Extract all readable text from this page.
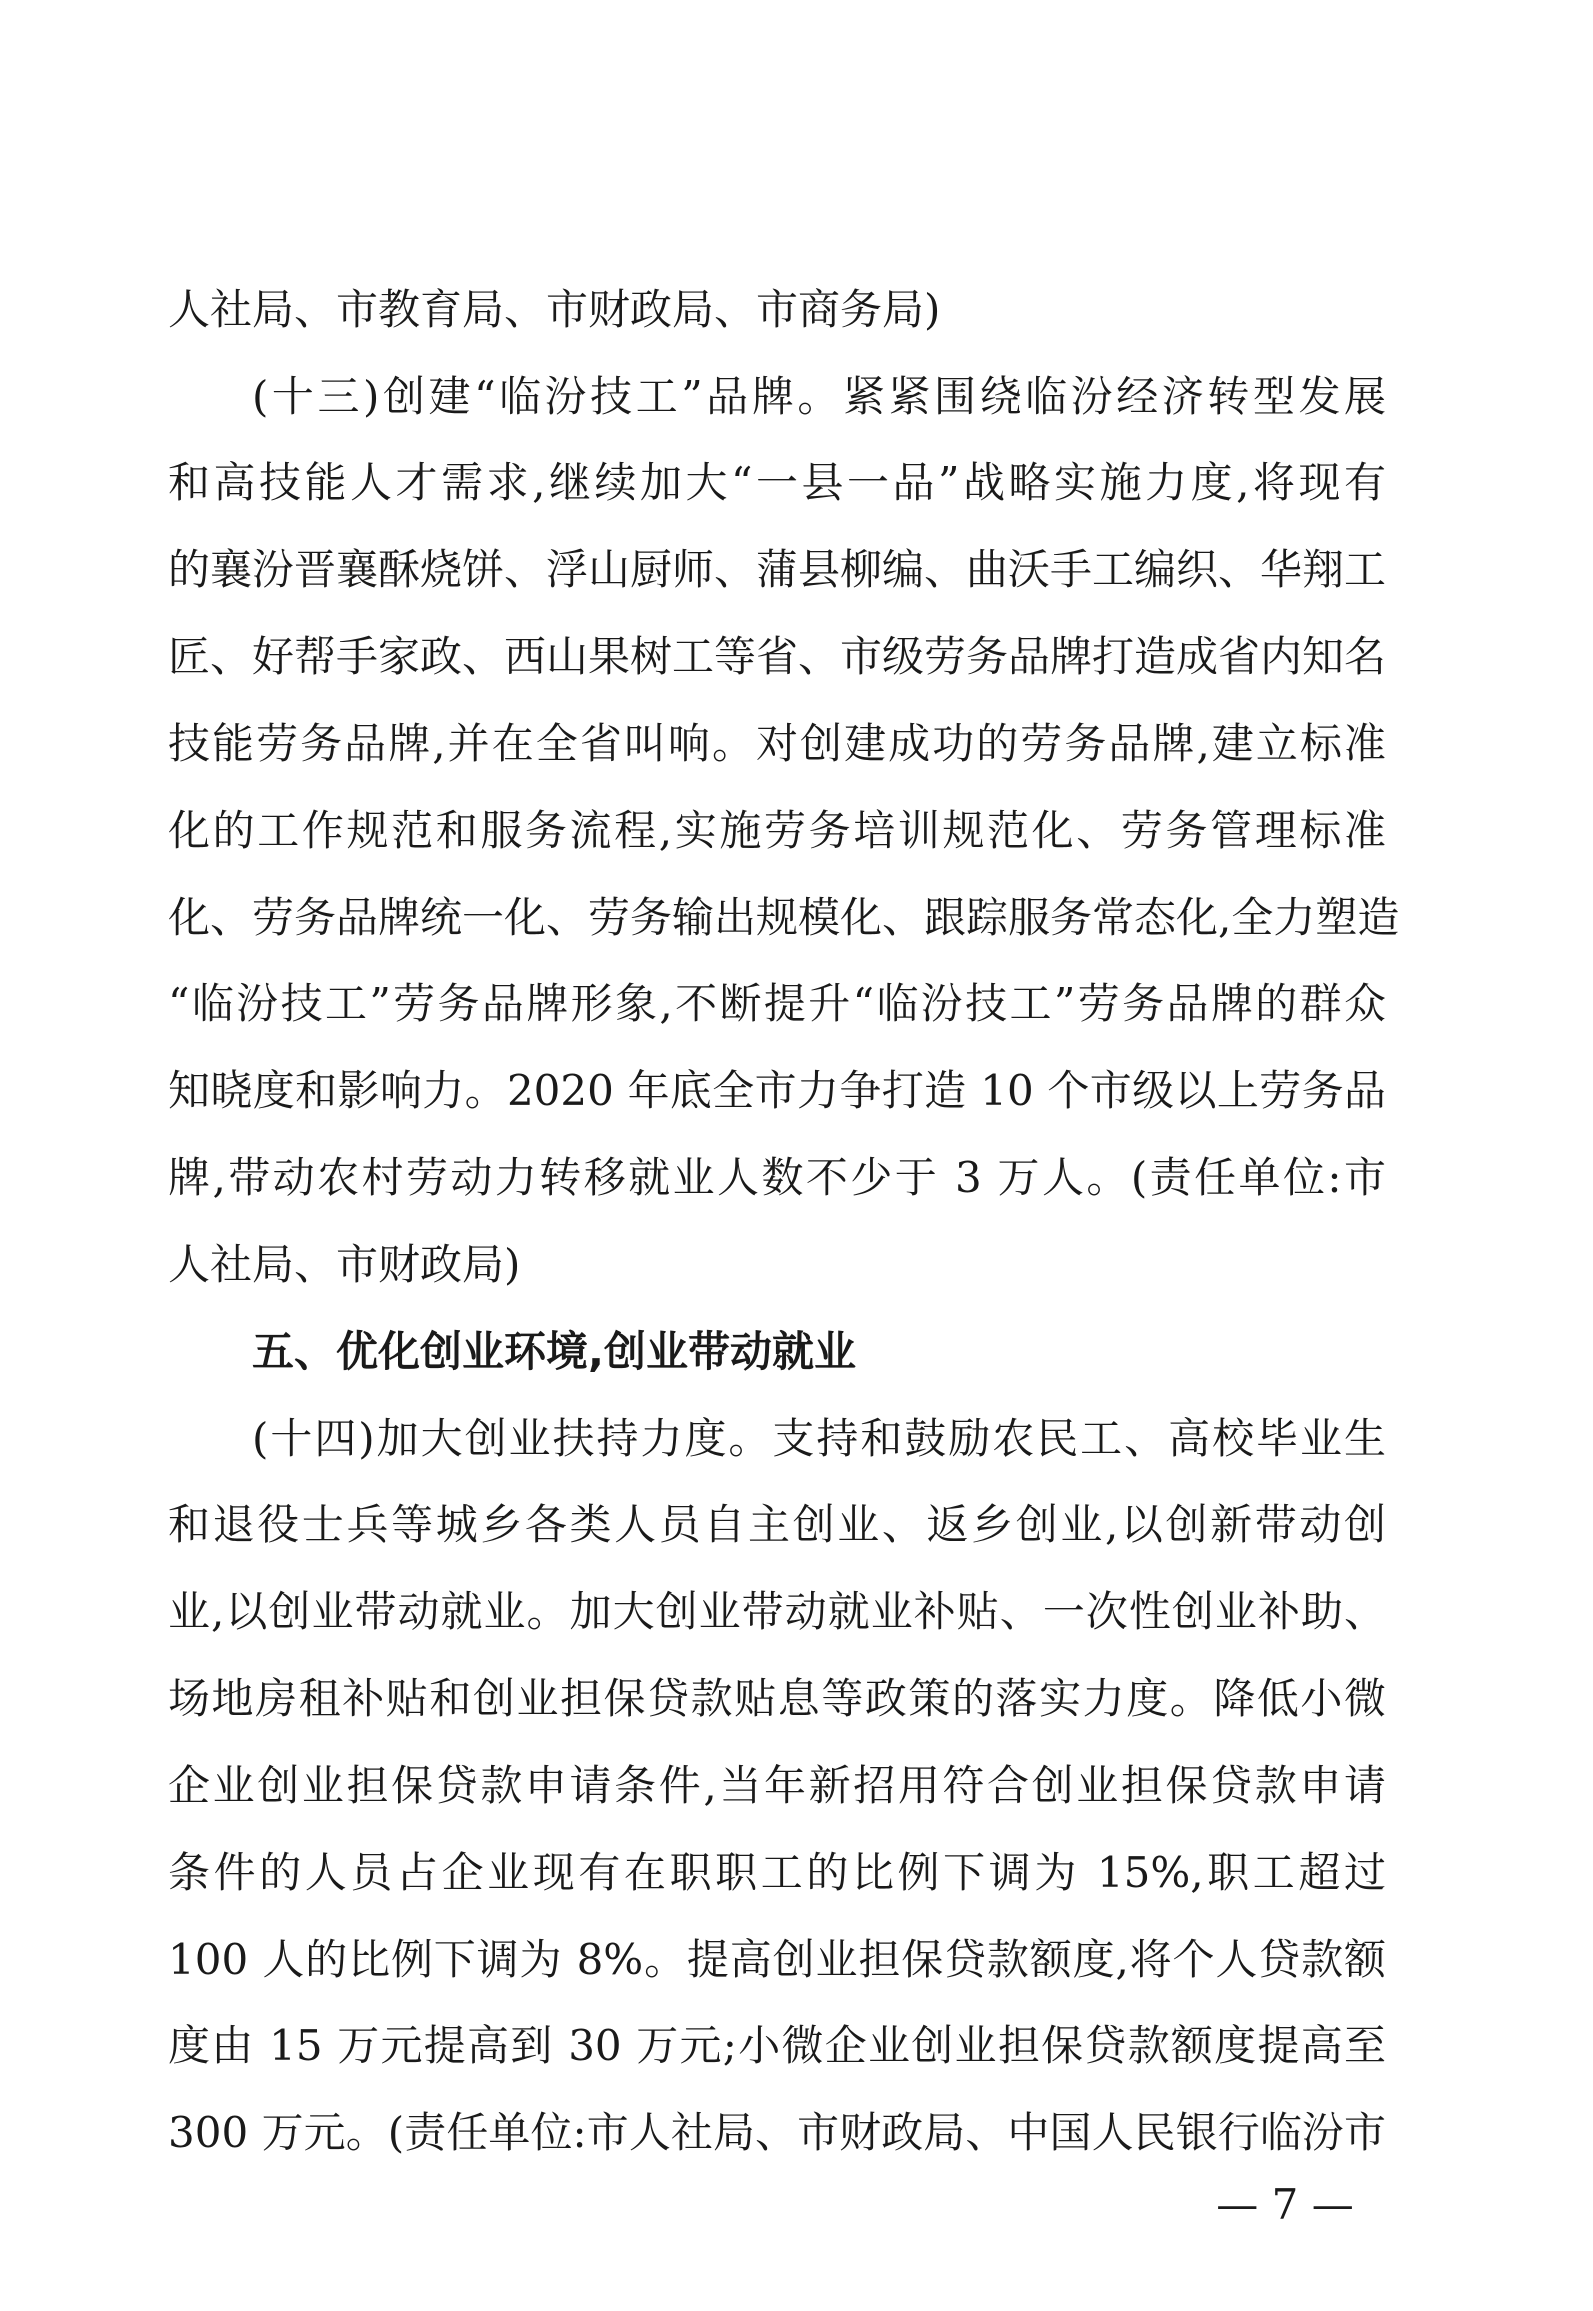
人社局、市教育局、市财政局、市商务局)
(十三)创建“临汾技工”品牌。紧紧围绕临汾经济转型发展
和高技能人才需求,继续加大“一县一品”战略实施力度,将现有
的襄汾晋襄酥烧饼、浮山厨师、蒲县柳编、曲沃手工编织、华翔工
匠、好帮手家政、西山果树工等省、市级劳务品牌打造成省内知名
技能劳务品牌,并在全省叫响。对创建成功的劳务品牌,建立标准
化的工作规范和服务流程,实施劳务培训规范化、劳务管理标准
化、劳务品牌统一化、劳务输出规模化、跟踪服务常态化,全力塑造
“临汾技工”劳务品牌形象,不断提升“临汾技工”劳务品牌的群众
知晓度和影响力。2020 年底全市力争打造 10 个市级以上劳务品
牌,带动农村劳动力转移就业人数不少于 3 万人。(责任单位:市
人社局、市财政局)
五、优化创业环境,创业带动就业
(十四)加大创业扶持力度。支持和鼓励农民工、高校毕业生
和退役士兵等城乡各类人员自主创业、返乡创业,以创新带动创
业,以创业带动就业。加大创业带动就业补贴、一次性创业补助、
场地房租补贴和创业担保贷款贴息等政策的落实力度。降低小微
企业创业担保贷款申请条件,当年新招用符合创业担保贷款申请
条件的人员占企业现有在职职工的比例下调为 15%,职工超过
100 人的比例下调为 8%。提高创业担保贷款额度,将个人贷款额
度由 15 万元提高到 30 万元;小微企业创业担保贷款额度提高至
300 万元。(责任单位:市人社局、市财政局、中国人民银行临汾市
— 7 —
